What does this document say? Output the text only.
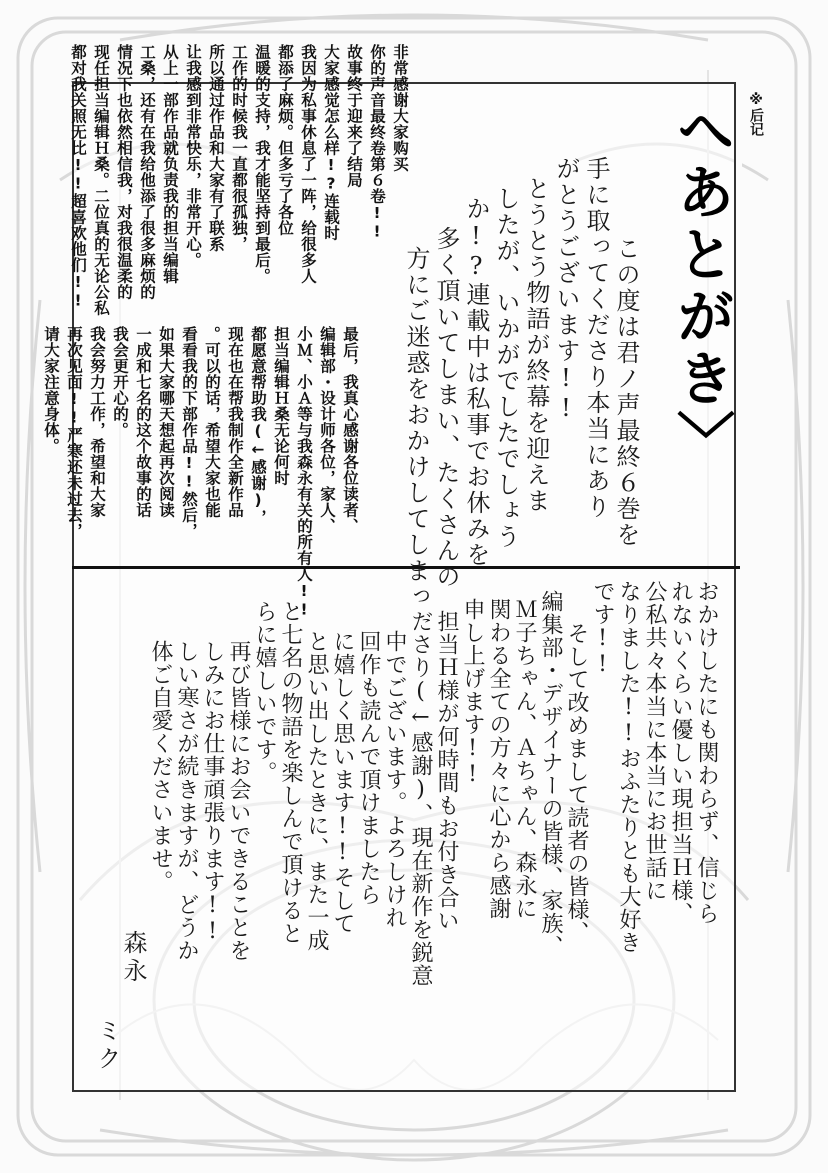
※后记
へあとがき〉
非常感谢大家购买
你的声音最终卷第６卷!!
故事终于迎来了结局
大家感觉怎么样!?连载时
我因为私事休息了一阵，给很多人
都添了麻烦。但多亏了各位
温暖的支持，我才能坚持到最后。
工作的时候我一直都很孤独，
所以通过作品和大家有了联系
让我感到非常快乐，非常开心。
从上一部作品就负责我的担当编辑
工桑，还有在我给他添了很多麻烦的
情况下也依然相信我，对我很温柔的
现任担当编辑Ｈ桑。二位真的无论公私
都对我关照无比!!超喜欢他们!!
最后，我真心感谢各位读者、
编辑部・设计师各位，家人、
小Ｍ、小Ａ等与我森永有关的所有人!!
担当编辑Ｈ桑无论何时
都愿意帮助我(←感谢)，
现在也在帮我制作全新作品
。可以的话，希望大家也能
看看我的下部作品!!然后，
如果大家哪天想起再次阅读
一成和七名的这个故事的话
我会更开心的。
我会努力工作，希望和大家
再次见面!!严寒还未过去，
请大家注意身体。	この度は君ノ声最終６巻を
手に取ってくださり本当にあり
がとうございます!!
とうとう物語が終幕を迎えま
したが、いかがでしたでしょう
か!?連載中は私事でお休みを
多く頂いてしまい、たくさんの
方にご迷惑をおかけしてしまっ
おかけしたにも関わらず、信じら
れないくらい優しい現担当Ｈ様、
公私共々本当に本当にお世話に
なりました!!おふたりとも大好き
です!!
そして改めまして読者の皆様、
編集部・デザイナーの皆様、家族、
Ｍ子ちゃん、Ａちゃん、森永に
関わる全ての方々に心から感謝
申し上げます!!
担当Ｈ様が何時間もお付き合い
ださり(←感謝)、現在新作を鋭意
中でございます。よろしけれ
回作も読んで頂けましたら
に嬉しく思います!!そして
と思い出したときに、また一成
と七名の物語を楽しんで頂けると
らに嬉しいです。
再び皆様にお会いできることを
しみにお仕事頑張ります!!
しい寒さが続きますが、どうか
体ご自愛くださいませ。
森永
ミク
